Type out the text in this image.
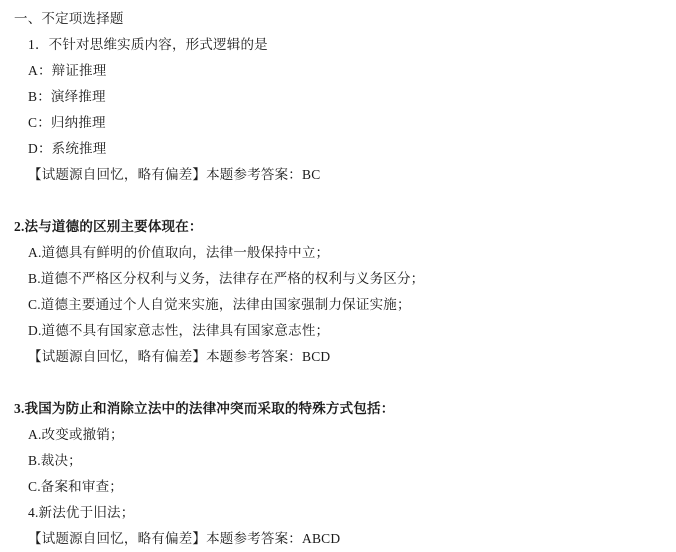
一、不定项选择题
1．不针对思维实质内容，形式逻辑的是
A：辩证推理
B：演绎推理
C：归纳推理
D：系统推理
【试题源自回忆，略有偏差】本题参考答案：BC
2.法与道德的区别主要体现在：
A.道德具有鲜明的价值取向，法律一般保持中立；
B.道德不严格区分权利与义务，法律存在严格的权利与义务区分；
C.道德主要通过个人自觉来实施，法律由国家强制力保证实施；
D.道德不具有国家意志性，法律具有国家意志性；
【试题源自回忆，略有偏差】本题参考答案：BCD
3.我国为防止和消除立法中的法律冲突而采取的特殊方式包括：
A.改变或撤销；
B.裁决；
C.备案和审查；
4.新法优于旧法；
【试题源自回忆，略有偏差】本题参考答案：ABCD
